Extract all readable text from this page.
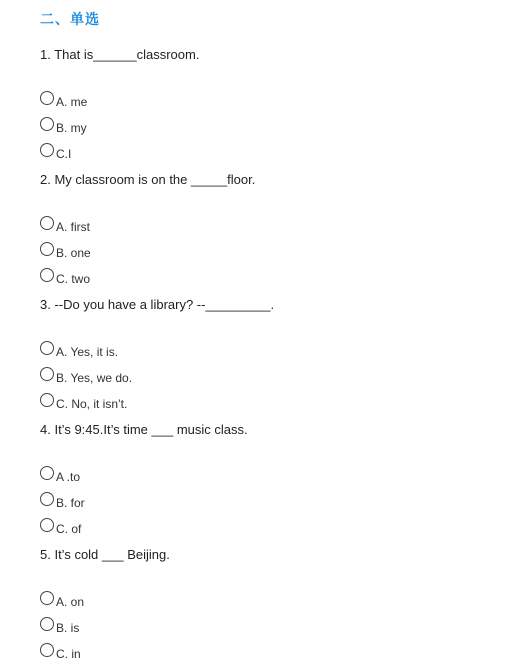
二、单选
1. That is______classroom.
A. me
B. my
C.I
2. My classroom is on the _____floor.
A. first
B. one
C. two
3. --Do you have a library? --_________.
A. Yes, it is.
B. Yes, we do.
C. No, it isn’t.
4. It’s 9:45.It’s time ___ music class.
A .to
B. for
C. of
5. It’s cold ___ Beijing.
A. on
B. is
C. in
